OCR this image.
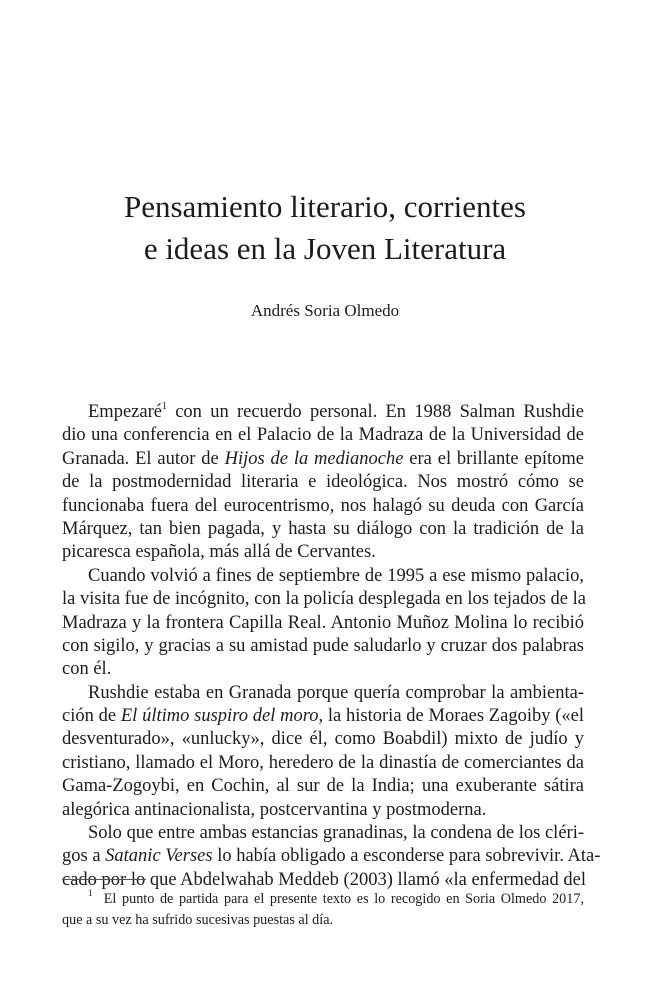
Pensamiento literario, corrientes
e ideas en la Joven Literatura

Andrés Soria Olmedo

Empezaré$^1$ con un recuerdo personal. En 1988 Salman Rushdie
dio una conferencia en el Palacio de la Madraza de la Universidad de
Granada. El autor de Hijos de la medianoche era el brillante epítome
de la postmodernidad literaria e ideológica. Nos mostró cómo se
funcionaba fuera del eurocentrismo, nos halagó su deuda con García
Márquez, tan bien pagada, y hasta su diálogo con la tradición de la
picaresca española, más allá de Cervantes.
Cuando volvió a fines de septiembre de 1995 a ese mismo palacio,
la visita fue de incógnito, con la policía desplegada en los tejados de la
Madraza y la frontera Capilla Real. Antonio Muñoz Molina lo recibió
con sigilo, y gracias a su amistad pude saludarlo y cruzar dos palabras
con él.
Rushdie estaba en Granada porque quería comprobar la ambienta-
ción de El último suspiro del moro, la historia de Moraes Zagoiby («el
desventurado», «unlucky», dice él, como Boabdil) mixto de judío y
cristiano, llamado el Moro, heredero de la dinastía de comerciantes da
Gama-Zogoybi, en Cochin, al sur de la India; una exuberante sátira
alegórica antinacionalista, postcervantina y postmoderna.
Solo que entre ambas estancias granadinas, la condena de los cléri-
gos a Satanic Verses lo había obligado a esconderse para sobrevivir. Ata-
cado por lo que Abdelwahab Meddeb (2003) llamó «la enfermedad del
$^1$ El punto de partida para el presente texto es lo recogido en Soria Olmedo 2017,
que a su vez ha sufrido sucesivas puestas al día.
